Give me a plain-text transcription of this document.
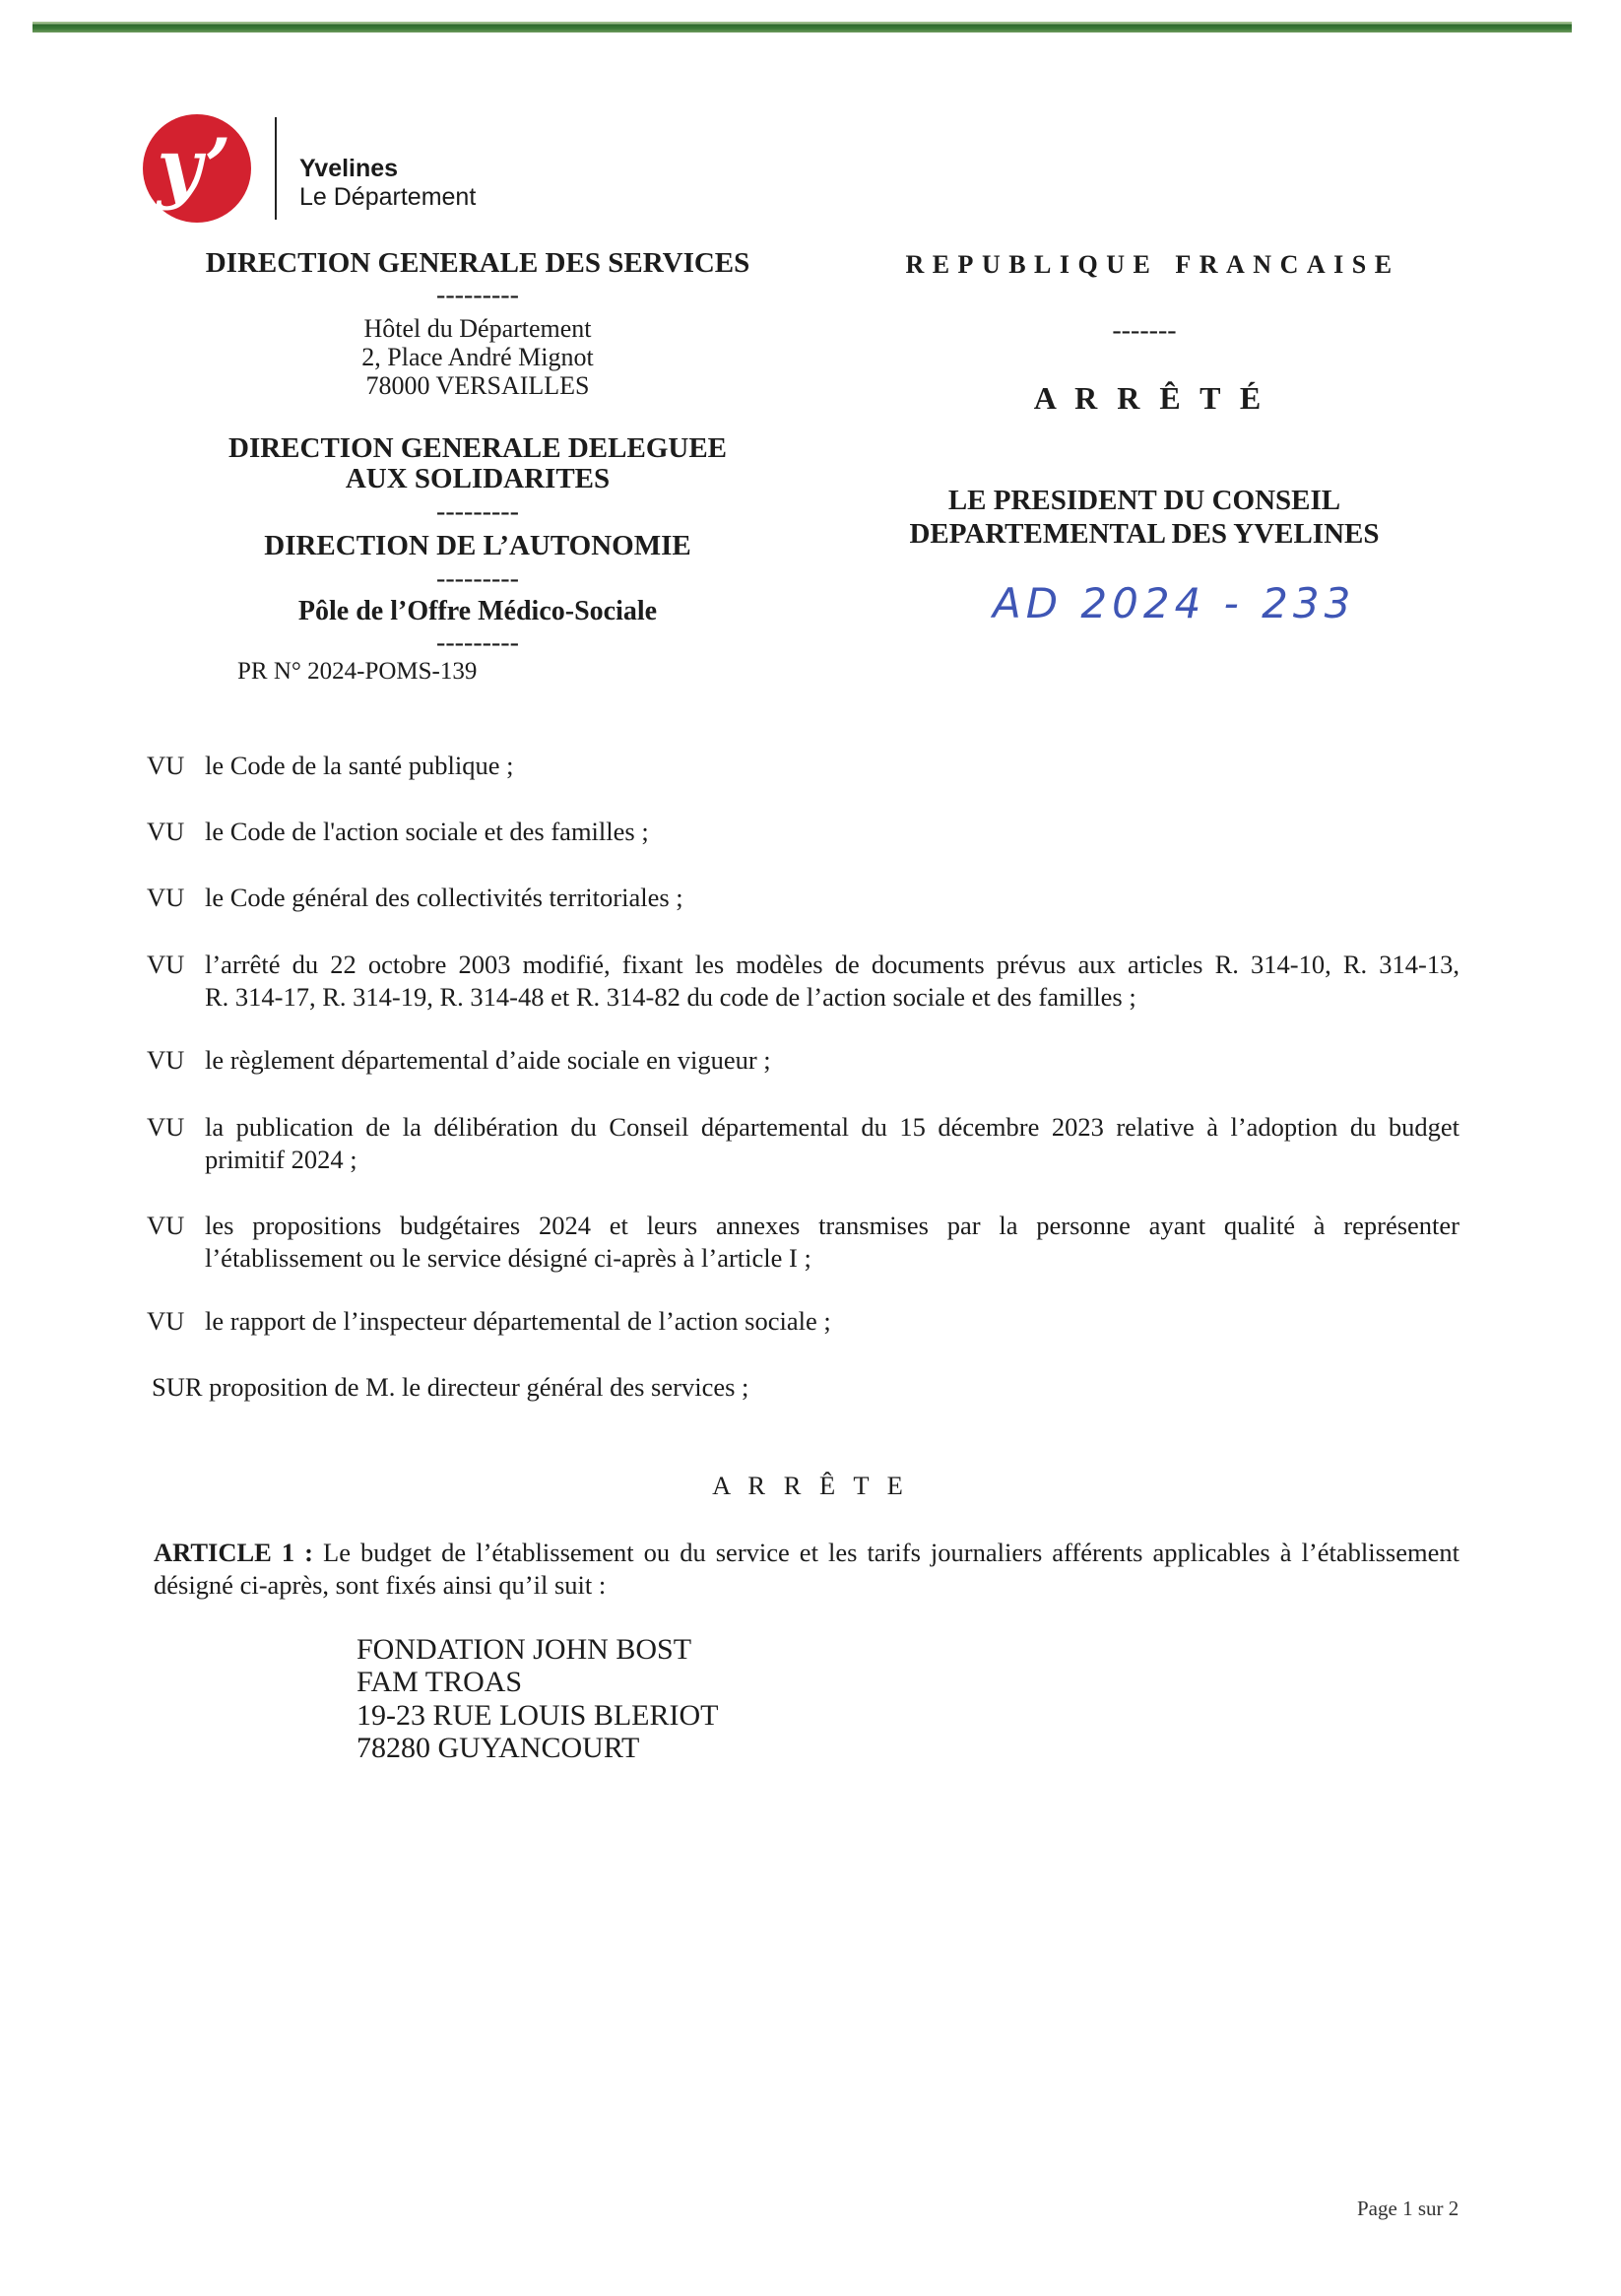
y’	Yvelines
Le Département
DIRECTION GENERALE DES SERVICES
---------
Hôtel du Département
2, Place André Mignot
78000 VERSAILLES
DIRECTION GENERALE DELEGUEE
AUX SOLIDARITES
---------
DIRECTION DE L’AUTONOMIE
---------
Pôle de l’Offre Médico-Sociale
---------
PR N° 2024-POMS-139
REPUBLIQUE FRANCAISE
-------
A R R Ê T É
LE PRESIDENT DU CONSEIL
DEPARTEMENTAL DES YVELINES
AD 2024 - 233
VU le Code de la santé publique ;
VU le Code de l'action sociale et des familles ;
VU le Code général des collectivités territoriales ;
VU l’arrêté du 22 octobre 2003 modifié, fixant les modèles de documents prévus aux articles R. 314-10, R. 314-13,
R. 314-17, R. 314-19, R. 314-48 et R. 314-82 du code de l’action sociale et des familles ;
VU le règlement départemental d’aide sociale en vigueur ;
VU la publication de la délibération du Conseil départemental du 15 décembre 2023 relative à l’adoption du budget
primitif 2024 ;
VU les propositions budgétaires 2024 et leurs annexes transmises par la personne ayant qualité à représenter
l’établissement ou le service désigné ci-après à l’article I ;
VU le rapport de l’inspecteur départemental de l’action sociale ;
SUR proposition de M. le directeur général des services ;
A R R Ê T E
ARTICLE 1 : Le budget de l’établissement ou du service et les tarifs journaliers afférents applicables à l’établissement
désigné ci-après, sont fixés ainsi qu’il suit :
FONDATION JOHN BOST
FAM TROAS
19-23 RUE LOUIS BLERIOT
78280 GUYANCOURT
Page 1 sur 2
